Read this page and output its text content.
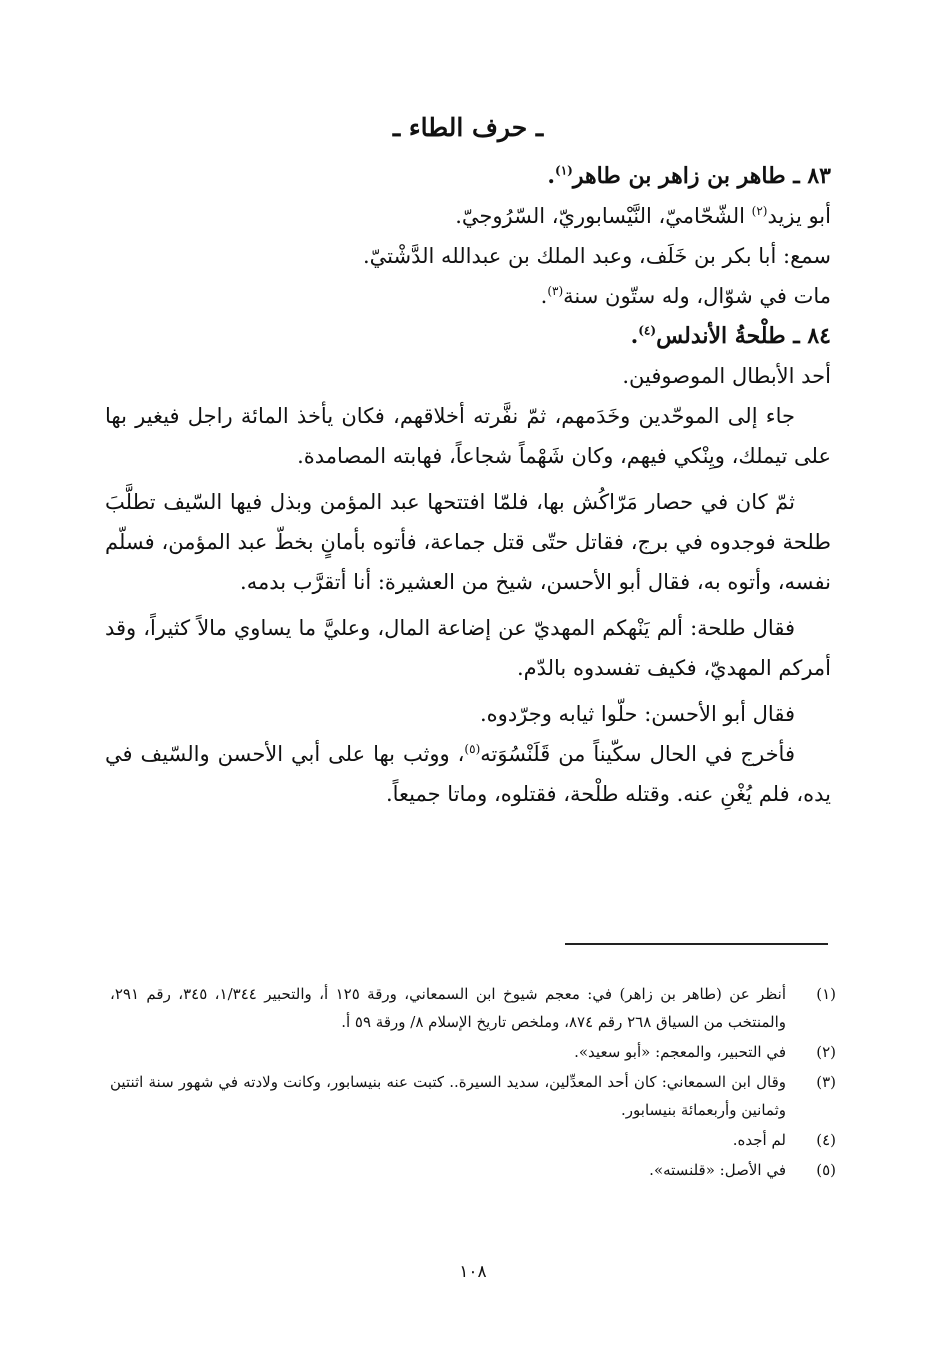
ـ حرف الطاء ـ

٨٣ ـ طاهر بن زاهر بن طاهر$^{(١)}$.

أبو يزيد$^{(٢)}$ الشّحّاميّ، النَّيْسابوريّ، السّرُوجيّ.

سمع: أبا بكر بن خَلَف، وعبد الملك بن عبدالله الدَّشْتيّ.

مات في شوّال، وله ستّون سنة$^{(٣)}$.

٨٤ ـ طلْحةُ الأندلس$^{(٤)}$.

أحد الأبطال الموصوفين.

جاء إلى الموحّدين وخَدَمهم، ثمّ نفَّرته أخلاقهم، فكان يأخذ المائة راجل فيغير بها على تيملك، ويِنْكي فيهم، وكان شَهْماً شجاعاً، فهابته المصامدة.

ثمّ كان في حصار مَرّاكُش بها، فلمّا افتتحها عبد المؤمن وبذل فيها السّيف تطلَّبَ طلحة فوجدوه في برج، فقاتل حتّى قتل جماعة، فأتوه بأمانٍ بخطّ عبد المؤمن، فسلّم نفسه، وأتوه به، فقال أبو الأحسن، شيخ من العشيرة: أنا أتقرَّب بدمه.

فقال طلحة: ألم يَنْهكم المهديّ عن إضاعة المال، وعليَّ ما يساوي مالاً كثيراً، وقد أمركم المهديّ، فكيف تفسدوه بالدّم.

فقال أبو الأحسن: حلّوا ثيابه وجرّدوه.

فأخرج في الحال سكّيناً من قَلَنْسُوَته$^{(٥)}$، ووثب بها على أبي الأحسن والسّيف في يده، فلم يُغْنِ عنه. وقتله طلْحة، فقتلوه، وماتا جميعاً.

(١)
أنظر عن (طاهر بن زاهر) في: معجم شيوخ ابن السمعاني، ورقة ١٢٥ أ، والتحبير ١/٣٤٤، ٣٤٥، رقم ٢٩١، والمنتخب من السياق ٢٦٨ رقم ٨٧٤، وملخص تاريخ الإسلام ٨/ ورقة ٥٩ أ.
(٢)
في التحبير، والمعجم: «أبو سعيد».
(٣)
وقال ابن السمعاني: كان أحد المعدِّلين، سديد السيرة.. كتبت عنه بنيسابور، وكانت ولادته في شهور سنة اثنتين وثمانين وأربعمائة بنيسابور.
(٤)
لم أجده.
(٥)
في الأصل: «قلنسته».
١٠٨
